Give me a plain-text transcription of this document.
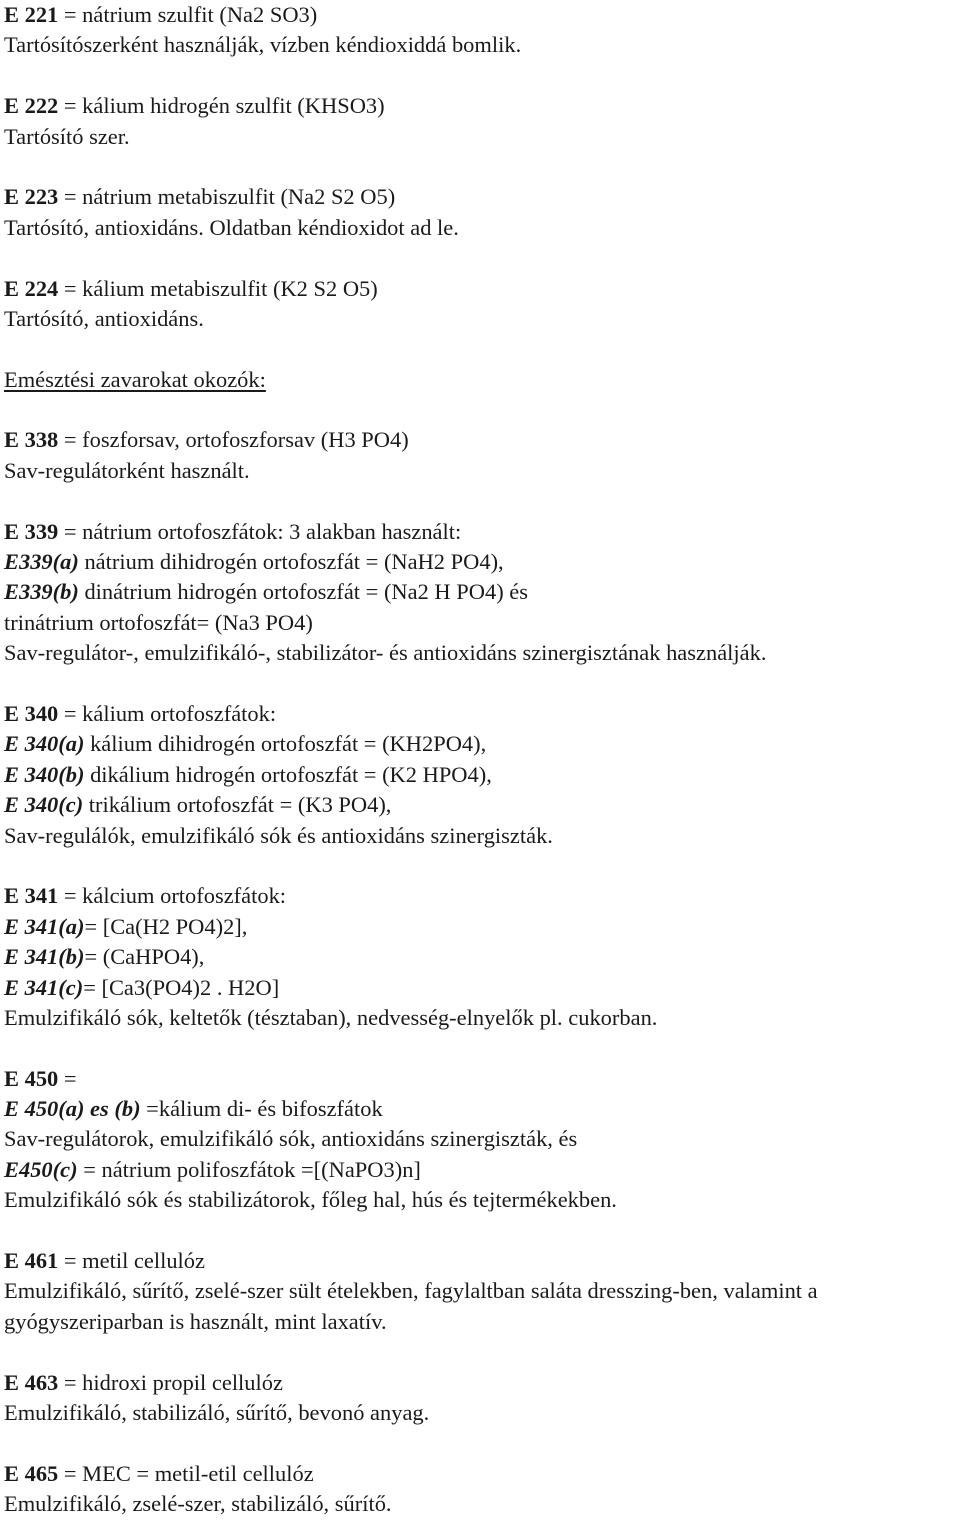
E 221 = nátrium szulfit (Na2 SO3)
Tartósítószerként használják, vízben kéndioxiddá bomlik.
E 222 = kálium hidrogén szulfit (KHSO3)
Tartósító szer.
E 223 = nátrium metabiszulfit (Na2 S2 O5)
Tartósító, antioxidáns. Oldatban kéndioxidot ad le.
E 224 = kálium metabiszulfit (K2 S2 O5)
Tartósító, antioxidáns.
Emésztési zavarokat okozók:
E 338 = foszforsav, ortofoszforsav (H3 PO4)
Sav-regulátorként használt.
E 339 = nátrium ortofoszfátok: 3 alakban használt:
E339(a) nátrium dihidrogén ortofoszfát = (NaH2 PO4),
E339(b) dinátrium hidrogén ortofoszfát = (Na2 H PO4) és
trinátrium ortofoszfát= (Na3 PO4)
Sav-regulátor-, emulzifikáló-, stabilizátor- és antioxidáns szinergisztának használják.
E 340 = kálium ortofoszfátok:
E 340(a) kálium dihidrogén ortofoszfát = (KH2PO4),
E 340(b) dikálium hidrogén ortofoszfát = (K2 HPO4),
E 340(c) trikálium ortofoszfát = (K3 PO4),
Sav-regulálók, emulzifikáló sók és antioxidáns szinergiszták.
E 341 = kálcium ortofoszfátok:
E 341(a)= [Ca(H2 PO4)2],
E 341(b)= (CaHPO4),
E 341(c)= [Ca3(PO4)2 . H2O]
Emulzifikáló sók, keltetők (tésztaban), nedvesség-elnyelők pl. cukorban.
E 450 =
E 450(a) es (b) =kálium di- és bifoszfátok
Sav-regulátorok, emulzifikáló sók, antioxidáns szinergiszták, és
E450(c) = nátrium polifoszfátok =[(NaPO3)n]
Emulzifikáló sók és stabilizátorok, főleg hal, hús és tejtermékekben.
E 461 = metil cellulóz
Emulzifikáló, sűrítő, zselé-szer sült ételekben, fagylaltban saláta dresszing-ben, valamint a
gyógyszeriparban is használt, mint laxatív.
E 463 = hidroxi propil cellulóz
Emulzifikáló, stabilizáló, sűrítő, bevonó anyag.
E 465 = MEC = metil-etil cellulóz
Emulzifikáló, zselé-szer, stabilizáló, sűrítő.
